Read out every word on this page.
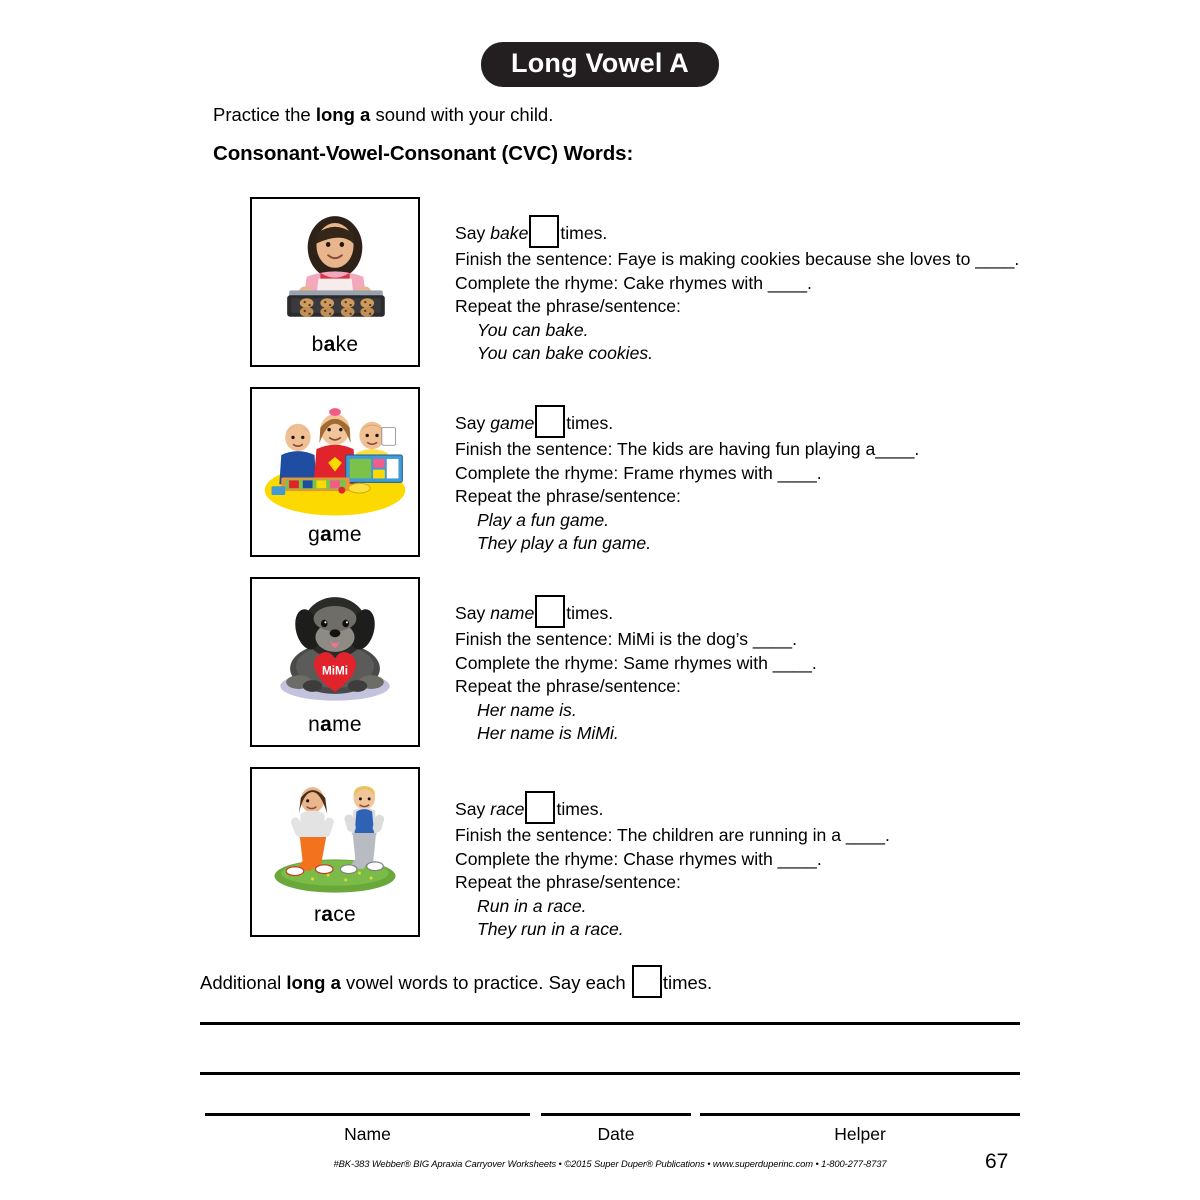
Long Vowel A
Practice the long a sound with your child.
Consonant-Vowel-Consonant (CVC) Words:
bake
Say bake times.
Finish the sentence: Faye is making cookies because she loves to ____.
Complete the rhyme: Cake rhymes with ____.
Repeat the phrase/sentence:
You can bake.
You can bake cookies.
game
Say game times.
Finish the sentence: The kids are having fun playing a____.
Complete the rhyme: Frame rhymes with ____.
Repeat the phrase/sentence:
Play a fun game.
They play a fun game.
MiMi
name
Say name times.
Finish the sentence: MiMi is the dog’s ____.
Complete the rhyme: Same rhymes with ____.
Repeat the phrase/sentence:
Her name is.
Her name is MiMi.
race
Say race times.
Finish the sentence: The children are running in a ____.
Complete the rhyme: Chase rhymes with ____.
Repeat the phrase/sentence:
Run in a race.
They run in a race.
Additional long a vowel words to practice. Say each times.
Name	Date	Helper
#BK-383 Webber® BIG Apraxia Carryover Worksheets • ©2015 Super Duper® Publications • www.superduperinc.com • 1-800-277-8737	67
